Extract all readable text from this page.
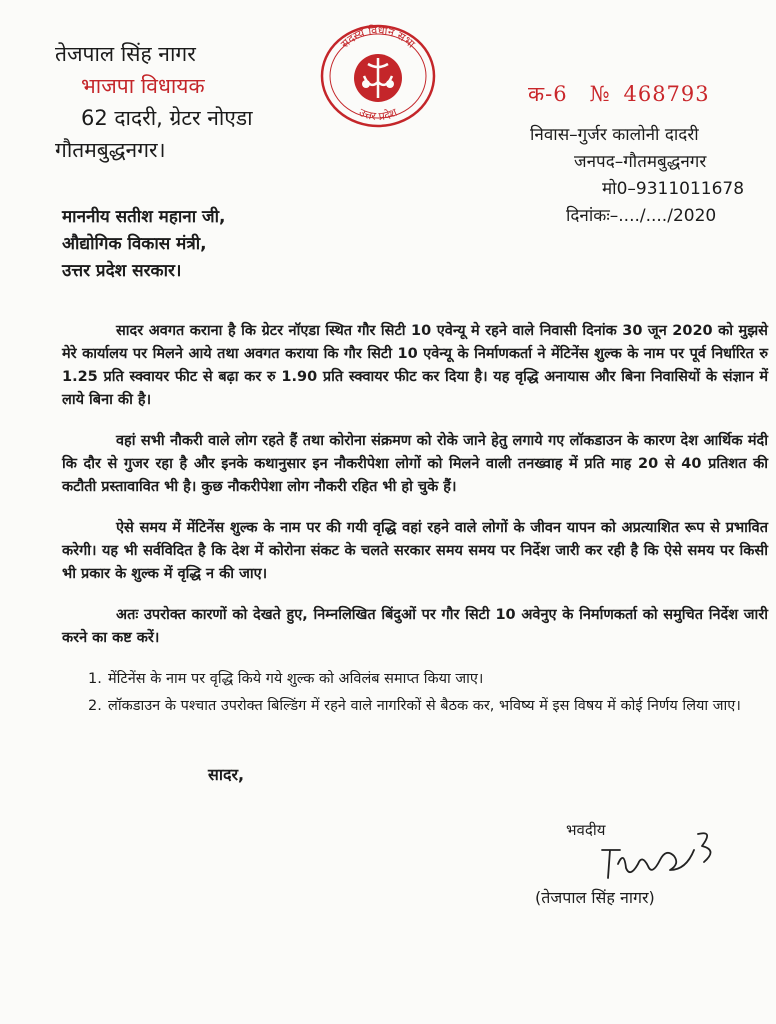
तेजपाल सिंह नागर
भाजपा विधायक
62 दादरी, ग्रेटर नोएडा
गौतमबुद्धनगर।
सदस्य विधान सभा
उत्तर प्रदेश
क-6 № 468793
निवास–गुर्जर कालोनी दादरी
जनपद–गौतमबुद्धनगर
मो0–9311011678
दिनांकः–..../..../2020
माननीय सतीश महाना जी,
औद्योगिक विकास मंत्री,
उत्तर प्रदेश सरकार।

सादर अवगत कराना है कि ग्रेटर नॉएडा स्थित गौर सिटी 10 एवेन्यू मे रहने वाले निवासी दिनांक 30 जून 2020 को मुझसे मेरे कार्यालय पर मिलने आये तथा अवगत कराया कि गौर सिटी 10 एवेन्यू के निर्माणकर्ता ने मेंटिनेंस शुल्क के नाम पर पूर्व निर्धारित रु 1.25 प्रति स्क्वायर फीट से बढ़ा कर रु 1.90 प्रति स्क्वायर फीट कर दिया है। यह वृद्धि अनायास और बिना निवासियों के संज्ञान में लाये बिना की है।

वहां सभी नौकरी वाले लोग रहते हैं तथा कोरोना संक्रमण को रोके जाने हेतु लगाये गए लॉकडाउन के कारण देश आर्थिक मंदी कि दौर से गुजर रहा है और इनके कथानुसार इन नौकरीपेशा लोगों को मिलने वाली तनख्वाह में प्रति माह 20 से 40 प्रतिशत की कटौती प्रस्तावावित भी है। कुछ नौकरीपेशा लोग नौकरी रहित भी हो चुके हैं।

ऐसे समय में मेंटिनेंस शुल्क के नाम पर की गयी वृद्धि वहां रहने वाले लोगों के जीवन यापन को अप्रत्याशित रूप से प्रभावित करेगी। यह भी सर्वविदित है कि देश में कोरोना संकट के चलते सरकार समय समय पर निर्देश जारी कर रही है कि ऐसे समय पर किसी भी प्रकार के शुल्क में वृद्धि न की जाए।

अतः उपरोक्त कारणों को देखते हुए, निम्नलिखित बिंदुओं पर गौर सिटी 10 अवेनुए के निर्माणकर्ता को समुचित निर्देश जारी करने का कष्ट करें।

1. मेंटिनेंस के नाम पर वृद्धि किये गये शुल्क को अविलंब समाप्त किया जाए।
2. लॉकडाउन के पश्चात उपरोक्त बिल्डिंग में रहने वाले नागरिकों से बैठक कर, भविष्य में इस विषय में कोई निर्णय लिया जाए।
सादर,
भवदीय
(तेजपाल सिंह नागर)
